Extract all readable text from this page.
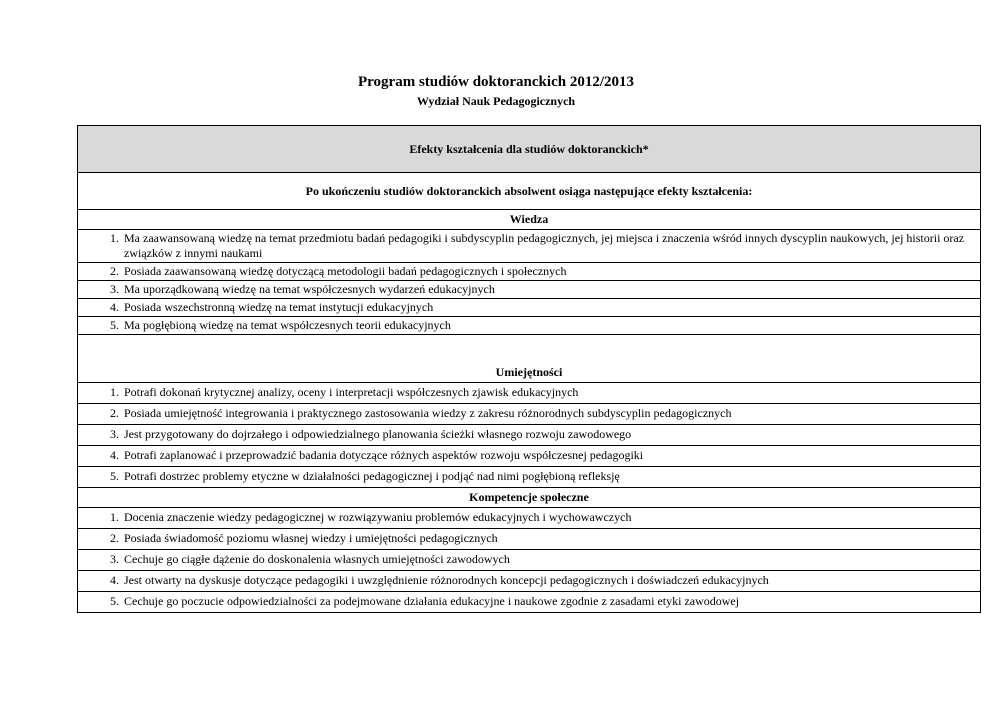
Program studiów doktoranckich 2012/2013
Wydział Nauk Pedagogicznych
Efekty kształcenia dla studiów doktoranckich*
Po ukończeniu studiów doktoranckich absolwent osiąga następujące efekty kształcenia:
Wiedza
1. Ma zaawansowaną wiedzę na temat przedmiotu badań pedagogiki i subdyscyplin pedagogicznych, jej miejsca i znaczenia wśród innych dyscyplin naukowych, jej historii oraz związków z innymi naukami
2. Posiada zaawansowaną wiedzę dotyczącą metodologii badań pedagogicznych i społecznych
3. Ma uporządkowaną wiedzę na temat współczesnych wydarzeń edukacyjnych
4. Posiada wszechstronną wiedzę na temat instytucji edukacyjnych
5. Ma pogłębioną wiedzę na temat współczesnych teorii edukacyjnych
Umiejętności
1. Potrafi dokonań krytycznej analizy, oceny i interpretacji współczesnych zjawisk edukacyjnych
2. Posiada umiejętność integrowania i praktycznego zastosowania wiedzy z zakresu różnorodnych subdyscyplin pedagogicznych
3. Jest przygotowany do dojrzałego i odpowiedzialnego planowania ścieżki własnego rozwoju zawodowego
4. Potrafi zaplanować i przeprowadzić badania dotyczące różnych aspektów rozwoju współczesnej pedagogiki
5. Potrafi dostrzec problemy etyczne w działalności pedagogicznej i podjąć nad nimi pogłębioną refleksję
Kompetencje społeczne
1. Docenia znaczenie wiedzy pedagogicznej w rozwiązywaniu problemów edukacyjnych i wychowawczych
2. Posiada świadomość poziomu własnej wiedzy i umiejętności pedagogicznych
3. Cechuje go ciągłe dążenie do doskonalenia własnych umiejętności zawodowych
4. Jest otwarty na dyskusje dotyczące pedagogiki i uwzględnienie różnorodnych koncepcji pedagogicznych i doświadczeń edukacyjnych
5. Cechuje go poczucie odpowiedzialności za podejmowane działania edukacyjne i naukowe zgodnie z zasadami etyki zawodowej
